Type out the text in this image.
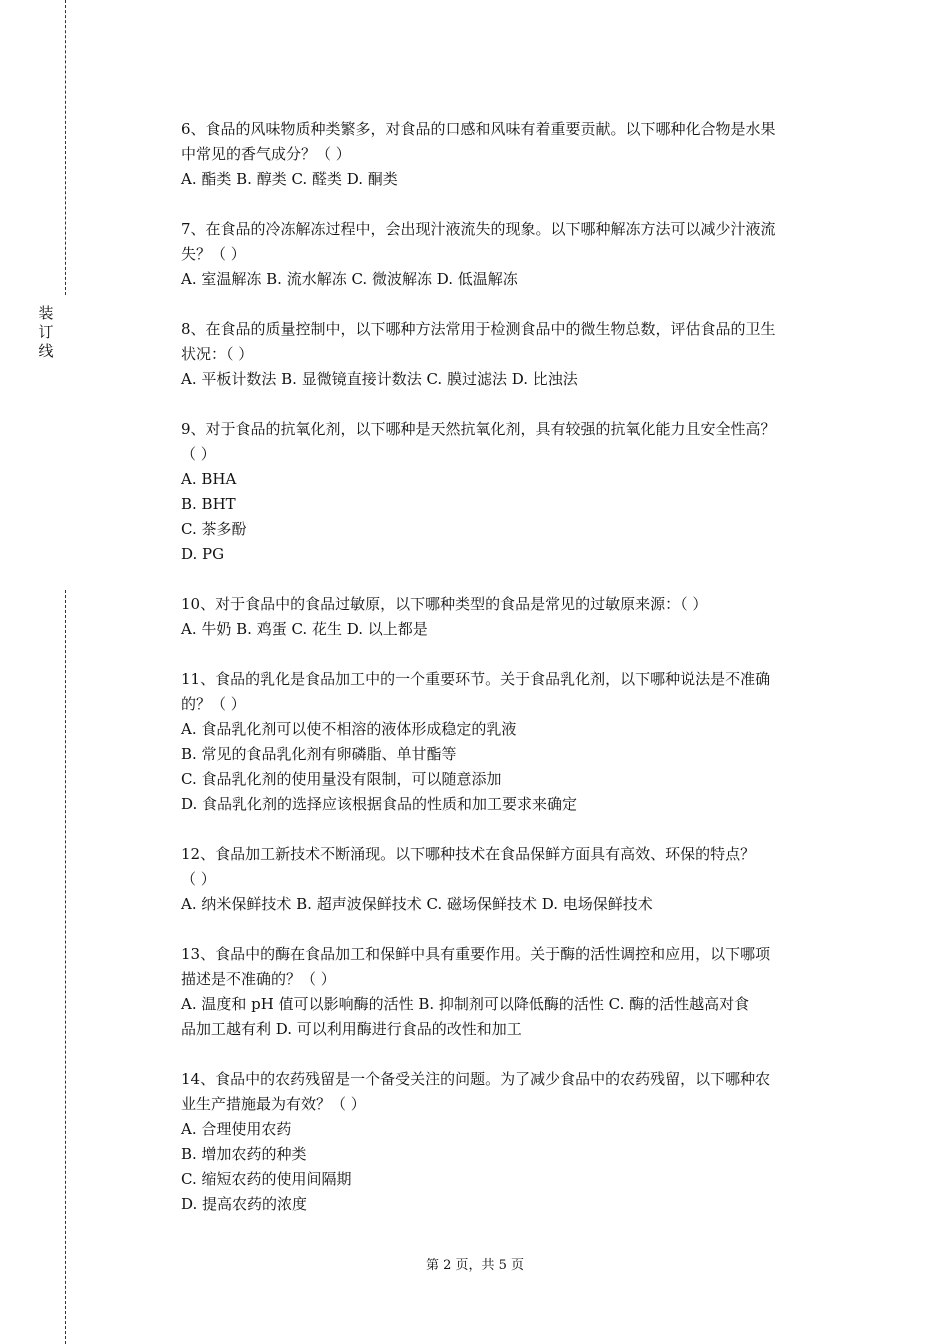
装
订
线

6、食品的风味物质种类繁多，对食品的口感和风味有着重要贡献。以下哪种化合物是水果

中常见的香气成分？（ ）

A. 酯类 B. 醇类 C. 醛类 D. 酮类

7、在食品的冷冻解冻过程中，会出现汁液流失的现象。以下哪种解冻方法可以减少汁液流

失？（ ）

A. 室温解冻 B. 流水解冻 C. 微波解冻 D. 低温解冻

8、在食品的质量控制中，以下哪种方法常用于检测食品中的微生物总数，评估食品的卫生

状况：（ ）

A. 平板计数法 B. 显微镜直接计数法 C. 膜过滤法 D. 比浊法

9、对于食品的抗氧化剂，以下哪种是天然抗氧化剂，具有较强的抗氧化能力且安全性高？

（ ）

A. BHA

B. BHT

C. 茶多酚

D. PG

10、对于食品中的食品过敏原，以下哪种类型的食品是常见的过敏原来源：（ ）

A. 牛奶 B. 鸡蛋 C. 花生 D. 以上都是

11、食品的乳化是食品加工中的一个重要环节。关于食品乳化剂，以下哪种说法是不准确

的？（ ）

A. 食品乳化剂可以使不相溶的液体形成稳定的乳液

B. 常见的食品乳化剂有卵磷脂、单甘酯等

C. 食品乳化剂的使用量没有限制，可以随意添加

D. 食品乳化剂的选择应该根据食品的性质和加工要求来确定

12、食品加工新技术不断涌现。以下哪种技术在食品保鲜方面具有高效、环保的特点？

（ ）

A. 纳米保鲜技术 B. 超声波保鲜技术 C. 磁场保鲜技术 D. 电场保鲜技术

13、食品中的酶在食品加工和保鲜中具有重要作用。关于酶的活性调控和应用，以下哪项

描述是不准确的？（ ）

A. 温度和 pH 值可以影响酶的活性 B. 抑制剂可以降低酶的活性 C. 酶的活性越高对食

品加工越有利 D. 可以利用酶进行食品的改性和加工

14、食品中的农药残留是一个备受关注的问题。为了减少食品中的农药残留，以下哪种农

业生产措施最为有效？（ ）

A. 合理使用农药

B. 增加农药的种类

C. 缩短农药的使用间隔期

D. 提高农药的浓度

第 2 页，共 5 页
